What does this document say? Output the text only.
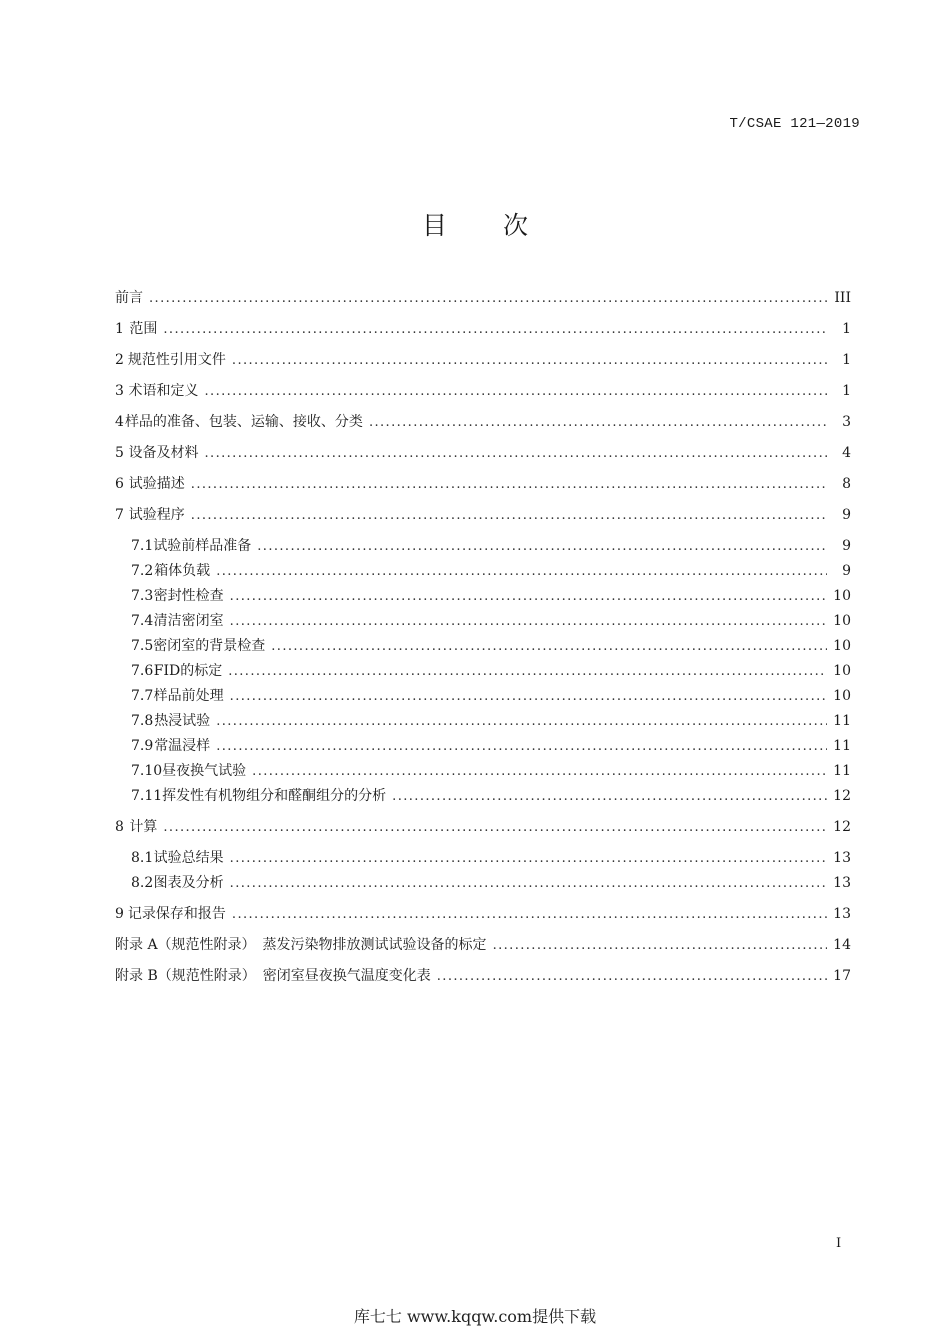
T/CSAE 121—2019
目 次
前言 .....	III
1 范围 .....	1
2 规范性引用文件 .....	1
3 术语和定义 .....	1
4 样品的准备、包装、运输、接收、分类 .....	3
5 设备及材料 .....	4
6 试验描述 .....	8
7 试验程序 .....	9
7.1 试验前样品准备 .....	9
7.2 箱体负载 .....	9
7.3 密封性检查 .....	10
7.4 清洁密闭室 .....	10
7.5 密闭室的背景检查 .....	10
7.6 FID的标定 .....	10
7.7 样品前处理 .....	10
7.8 热浸试验 .....	11
7.9 常温浸样 .....	11
7.10 昼夜换气试验 .....	11
7.11 挥发性有机物组分和醛酮组分的分析 .....	12
8 计算 .....	12
8.1 试验总结果 .....	13
8.2 图表及分析 .....	13
9 记录保存和报告 .....	13
附录 A（规范性附录）　蒸发污染物排放测试试验设备的标定 .....	14
附录 B（规范性附录）　密闭室昼夜换气温度变化表 .....	17
I
库七七 www.kqqw.com提供下载
